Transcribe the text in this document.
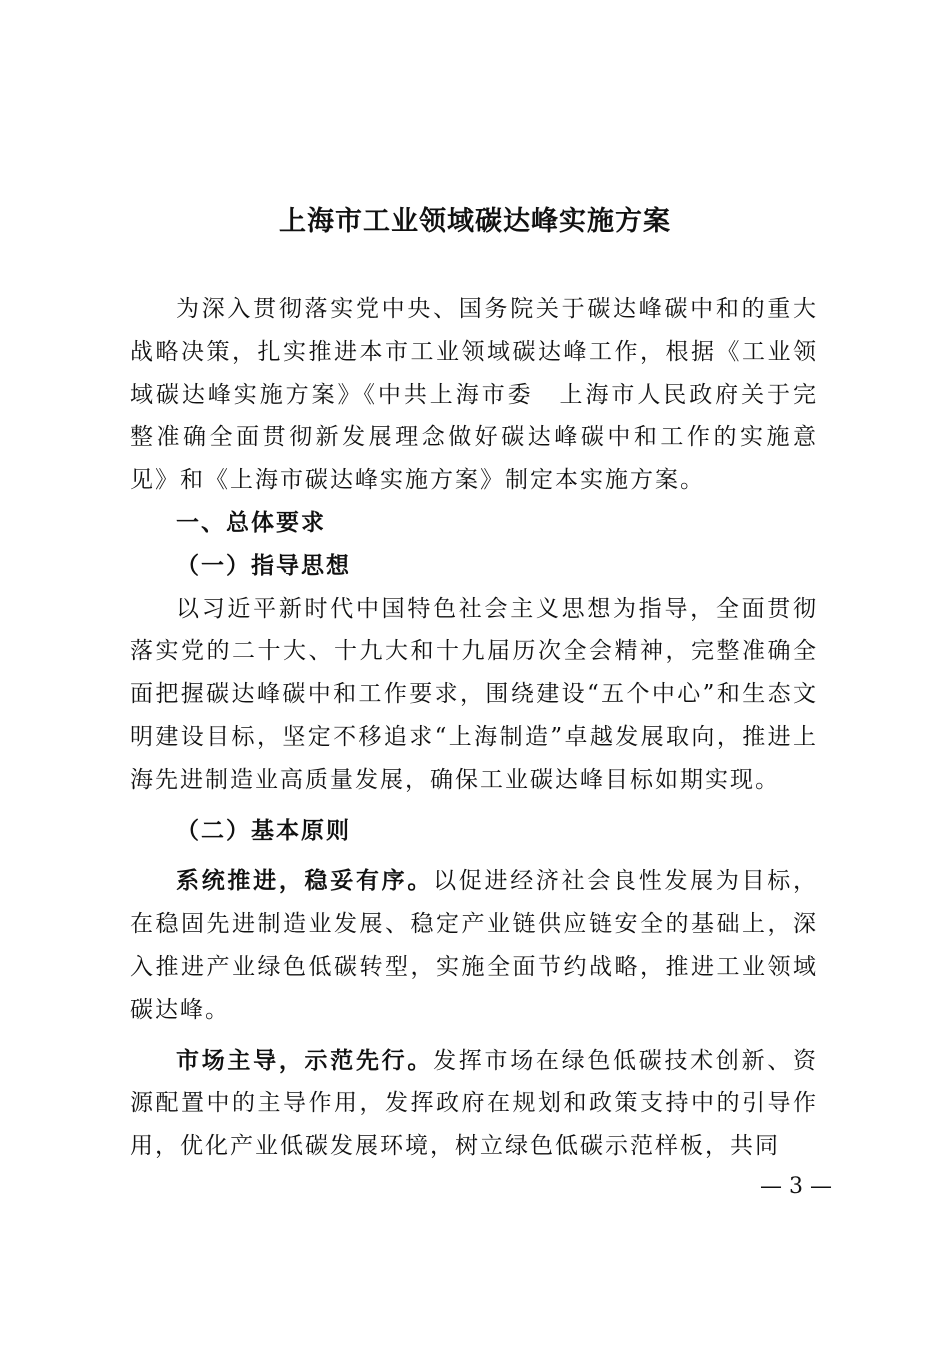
上海市工业领域碳达峰实施方案

为深入贯彻落实党中央、国务院关于碳达峰碳中和的重大战略决策，扎实推进本市工业领域碳达峰工作，根据《工业领域碳达峰实施方案》《中共上海市委　上海市人民政府关于完整准确全面贯彻新发展理念做好碳达峰碳中和工作的实施意见》和《上海市碳达峰实施方案》制定本实施方案。

一、总体要求

（一）指导思想

以习近平新时代中国特色社会主义思想为指导，全面贯彻落实党的二十大、十九大和十九届历次全会精神，完整准确全面把握碳达峰碳中和工作要求，围绕建设“五个中心”和生态文明建设目标，坚定不移追求“上海制造”卓越发展取向，推进上海先进制造业高质量发展，确保工业碳达峰目标如期实现。

（二）基本原则

系统推进，稳妥有序。以促进经济社会良性发展为目标，在稳固先进制造业发展、稳定产业链供应链安全的基础上，深入推进产业绿色低碳转型，实施全面节约战略，推进工业领域碳达峰。

市场主导，示范先行。发挥市场在绿色低碳技术创新、资源配置中的主导作用，发挥政府在规划和政策支持中的引导作用，优化产业低碳发展环境，树立绿色低碳示范样板，共同

— 3 —
